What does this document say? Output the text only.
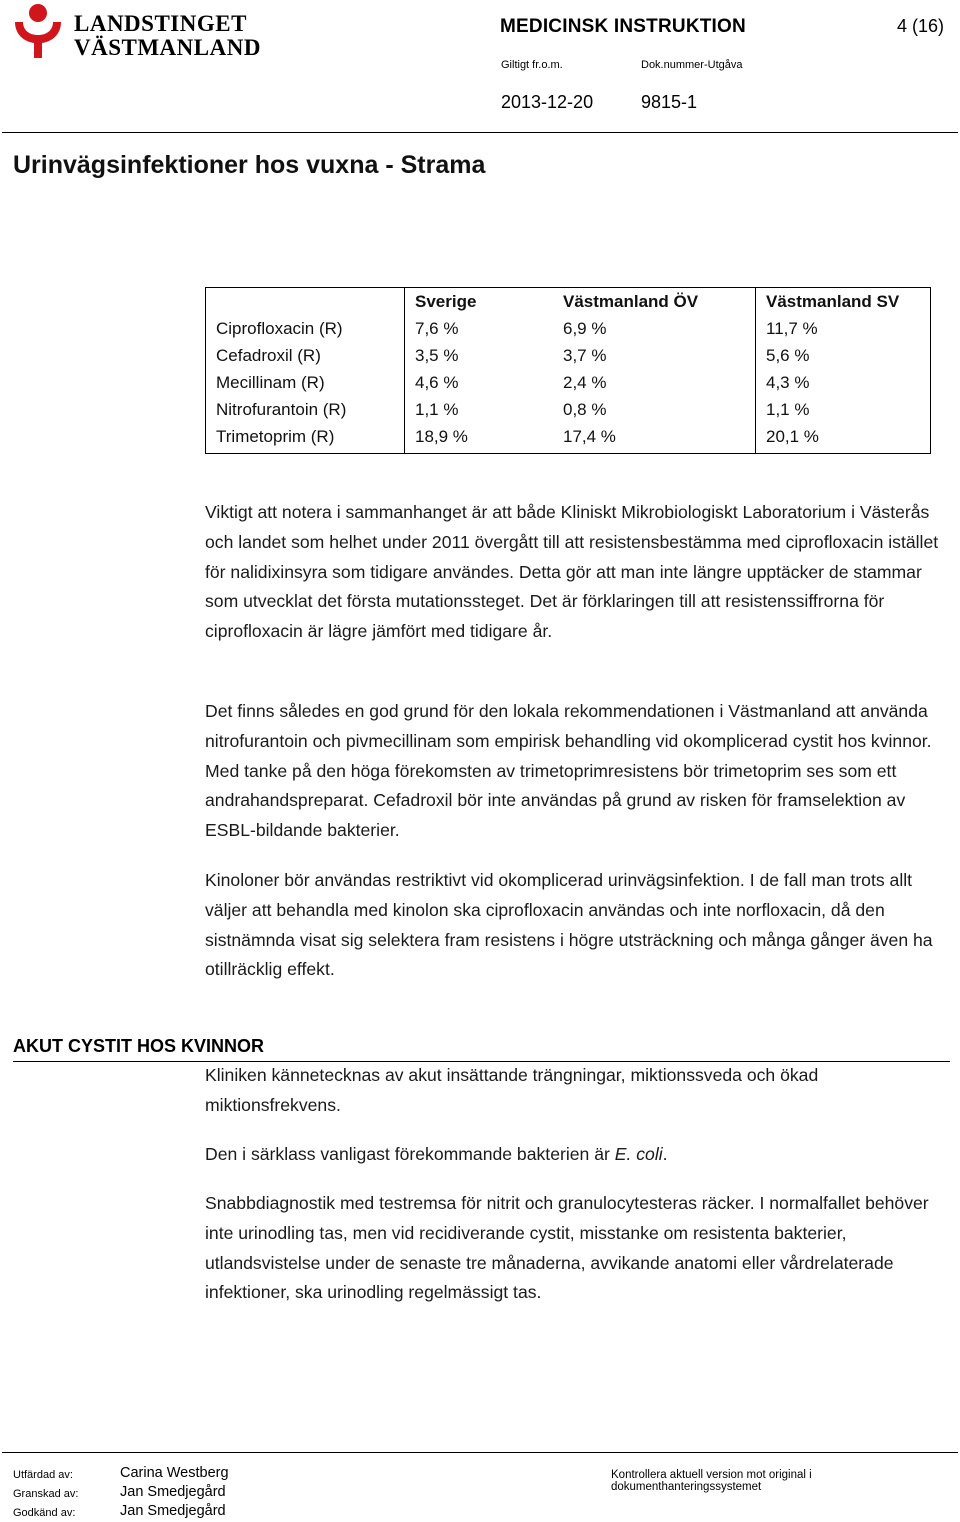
LANDSTINGET
VÄSTMANLAND
MEDICINSK INSTRUKTION	4 (16)
Giltigt fr.o.m.	Dok.nummer-Utgåva
2013-12-20	9815-1
Urinvägsinfektioner hos vuxna - Strama
	Sverige	Västmanland ÖV	Västmanland SV
Ciprofloxacin (R)	7,6 %	6,9 %	11,7 %
Cefadroxil (R)	3,5 %	3,7 %	5,6 %
Mecillinam (R)	4,6 %	2,4 %	4,3 %
Nitrofurantoin (R)	1,1 %	0,8 %	1,1 %
Trimetoprim (R)	18,9 %	17,4 %	20,1 %
Viktigt att notera i sammanhanget är att både Kliniskt Mikrobiologiskt Laboratorium i Västerås och landet som helhet under 2011 övergått till att resistensbestämma med ciprofloxacin istället för nalidixinsyra som tidigare användes. Detta gör att man inte längre upptäcker de stammar som utvecklat det första mutationssteget. Det är förklaringen till att resistenssiffrorna för ciprofloxacin är lägre jämfört med tidigare år.
Det finns således en god grund för den lokala rekommendationen i Västmanland att använda nitrofurantoin och pivmecillinam som empirisk behandling vid okomplicerad cystit hos kvinnor. Med tanke på den höga förekomsten av trimetoprimresistens bör trimetoprim ses som ett andrahandspreparat. Cefadroxil bör inte användas på grund av risken för framselektion av ESBL-bildande bakterier.
Kinoloner bör användas restriktivt vid okomplicerad urinvägsinfektion. I de fall man trots allt väljer att behandla med kinolon ska ciprofloxacin användas och inte norfloxacin, då den sistnämnda visat sig selektera fram resistens i högre utsträckning och många gånger även ha otillräcklig effekt.
AKUT CYSTIT HOS KVINNOR
Kliniken kännetecknas av akut insättande trängningar, miktionssveda och ökad miktionsfrekvens.
Den i särklass vanligast förekommande bakterien är E. coli.
Snabbdiagnostik med testremsa för nitrit och granulocytesteras räcker. I normalfallet behöver inte urinodling tas, men vid recidiverande cystit, misstanke om resistenta bakterier, utlandsvistelse under de senaste tre månaderna, avvikande anatomi eller vårdrelaterade infektioner, ska urinodling regelmässigt tas.
Utfärdad av:	Carina Westberg
Granskad av:	Jan Smedjegård
Godkänd av:	Jan Smedjegård
Kontrollera aktuell version mot original i dokumenthanteringssystemet
